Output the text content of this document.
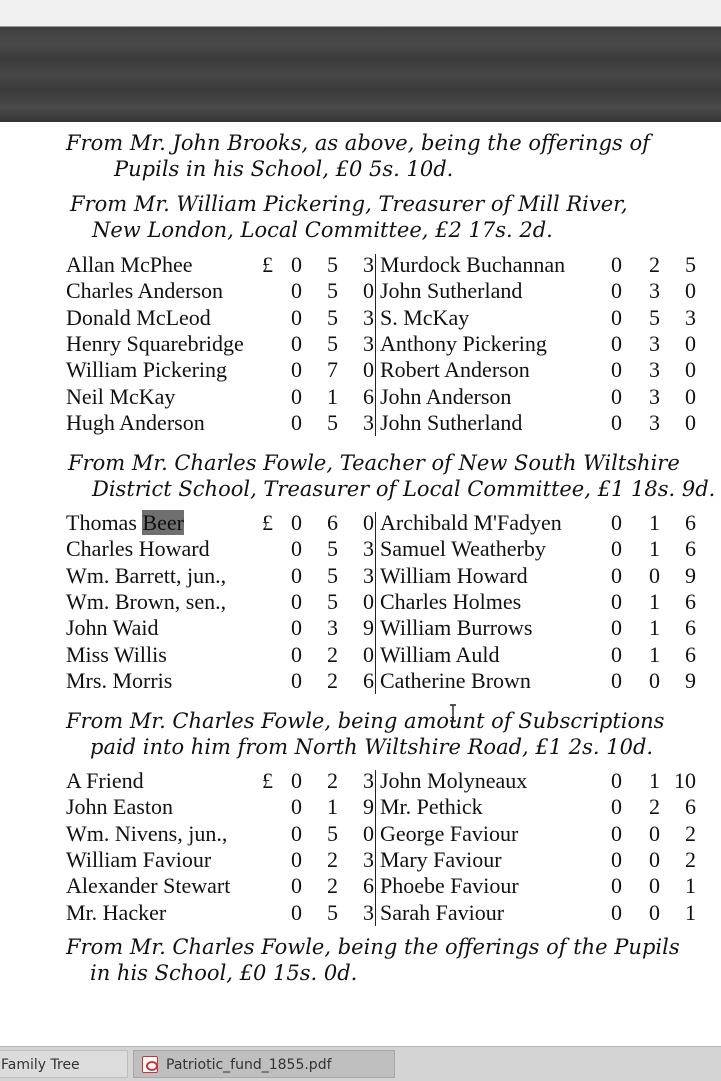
From Mr. John Brooks, as above, being the offerings of
Pupils in his School, £0 5s. 10d.
From Mr. William Pickering, Treasurer of Mill River,
New London, Local Committee, £2 17s. 2d.
Allan McPhee	£ 0	5	3 Murdock Buchannan	0	2	5
Charles Anderson	0	5	0 John Sutherland	0	3	0
Donald McLeod	0	5	3 S. McKay	0	5	3
Henry Squarebridge	0	5	3 Anthony Pickering	0	3	0
William Pickering	0	7	0 Robert Anderson	0	3	0
Neil McKay	0	1	6 John Anderson	0	3	0
Hugh Anderson	0	5	3 John Sutherland	0	3	0
From Mr. Charles Fowle, Teacher of New South Wiltshire
District School, Treasurer of Local Committee, £1 18s. 9d.
Thomas Beer	£ 0	6	0 Archibald M'Fadyen	0	1	6
Charles Howard	0	5	3 Samuel Weatherby	0	1	6
Wm. Barrett, jun.,	0	5	3 William Howard	0	0	9
Wm. Brown, sen.,	0	5	0 Charles Holmes	0	1	6
John Waid	0	3	9 William Burrows	0	1	6
Miss Willis	0	2	0 William Auld	0	1	6
Mrs. Morris	0	2	6 Catherine Brown	0	0	9
From Mr. Charles Fowle, being amount of Subscriptions
paid into him from North Wiltshire Road, £1 2s. 10d.
A Friend	£ 0	2	3 John Molyneaux	0	1 10
John Easton	0	1	9 Mr. Pethick	0	2	6
Wm. Nivens, jun.,	0	5	0 George Faviour	0	0	2
William Faviour	0	2	3 Mary Faviour	0	0	2
Alexander Stewart	0	2	6 Phoebe Faviour	0	0	1
Mr. Hacker	0	5	3 Sarah Faviour	0	0	1
From Mr. Charles Fowle, being the offerings of the Pupils
in his School, £0 15s. 0d.
Family Tree	Patriotic_fund_1855.pdf
